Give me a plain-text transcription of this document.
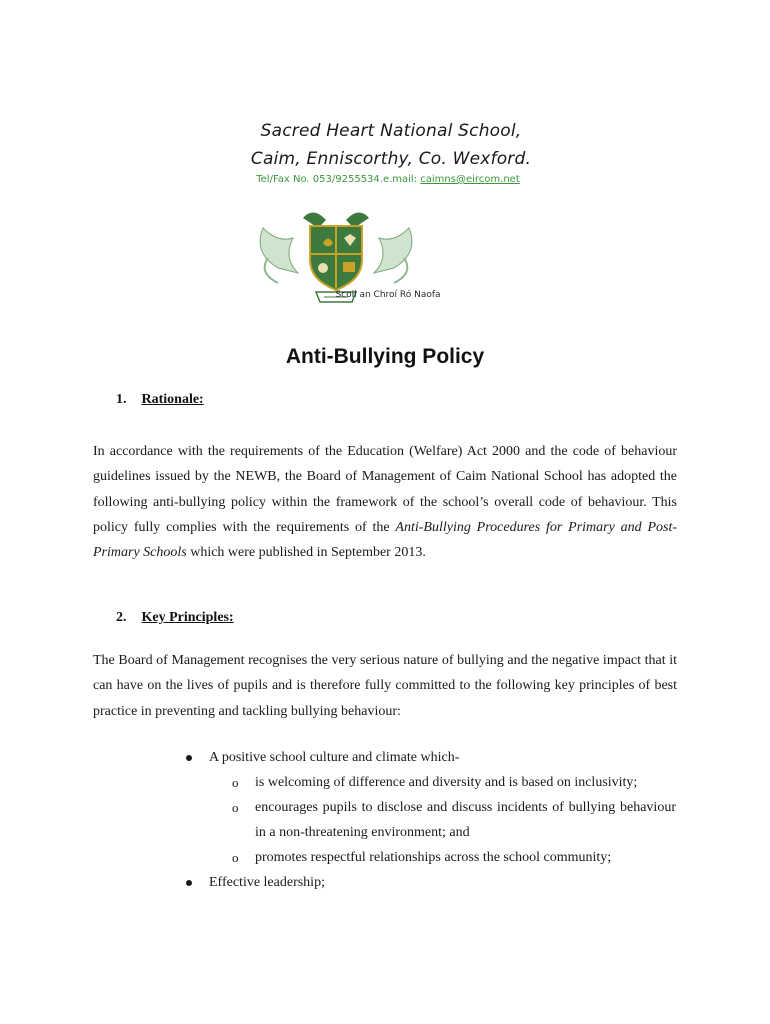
Sacred Heart National School,
Caim, Enniscorthy, Co. Wexford.
Tel/Fax No. 053/9255534.e.mail: caimns@eircom.net
Scoil an Chroí Ró Naofa
Anti-Bullying Policy
1. Rationale:
In accordance with the requirements of the Education (Welfare) Act 2000 and the code of behaviour guidelines issued by the NEWB, the Board of Management of Caim National School has adopted the following anti-bullying policy within the framework of the school’s overall code of behaviour. This policy fully complies with the requirements of the Anti-Bullying Procedures for Primary and Post-Primary Schools which were published in September 2013.
2. Key Principles:
The Board of Management recognises the very serious nature of bullying and the negative impact that it can have on the lives of pupils and is therefore fully committed to the following key principles of best practice in preventing and tackling bullying behaviour:
A positive school culture and climate which-
o is welcoming of difference and diversity and is based on inclusivity;
o encourages pupils to disclose and discuss incidents of bullying behaviour in a non-threatening environment; and
o promotes respectful relationships across the school community;
Effective leadership;
